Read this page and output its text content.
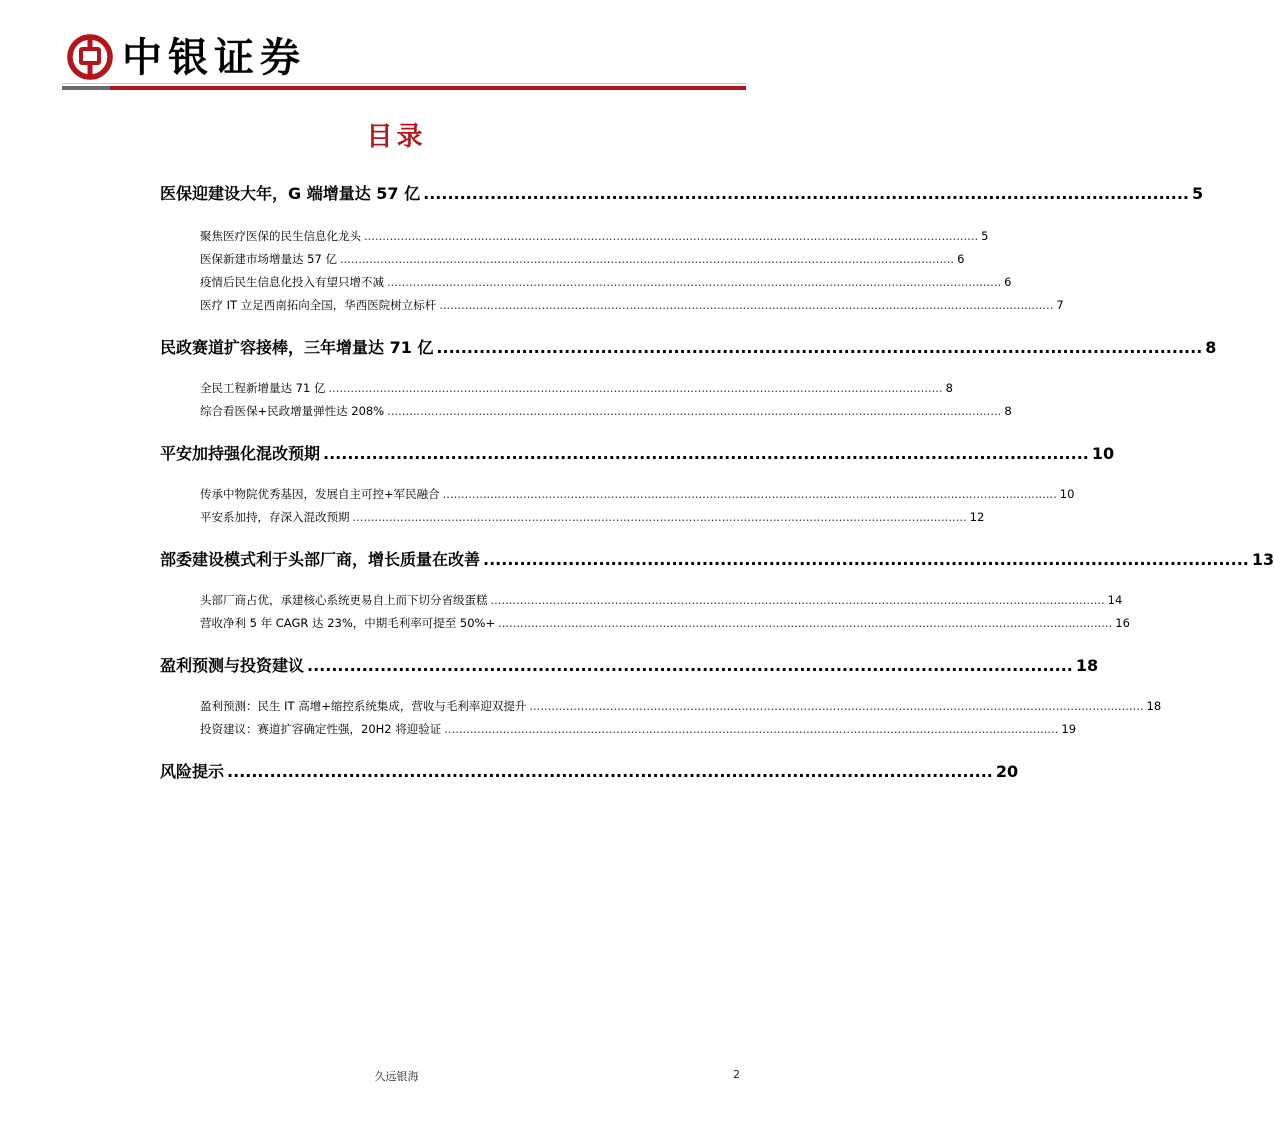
中银证券
目录
医保迎建设大年，G 端增量达 57 亿 .............................................................................................................................. 5
聚焦医疗医保的民生信息化龙头 ........................................................................................................................................................................ 5
医保新建市场增量达 57 亿 ........................................................................................................................................................................ 6
疫情后民生信息化投入有望只增不减 ........................................................................................................................................................................ 6
医疗 IT 立足西南拓向全国，华西医院树立标杆 ........................................................................................................................................................................ 7
民政赛道扩容接棒，三年增量达 71 亿 .............................................................................................................................. 8
全民工程新增量达 71 亿 ........................................................................................................................................................................ 8
综合看医保+民政增量弹性达 208% ........................................................................................................................................................................ 8
平安加持强化混改预期 .............................................................................................................................. 10
传承中物院优秀基因，发展自主可控+军民融合 ........................................................................................................................................................................ 10
平安系加持，存深入混改预期 ........................................................................................................................................................................ 12
部委建设模式利于头部厂商，增长质量在改善 .............................................................................................................................. 13
头部厂商占优，承建核心系统更易自上而下切分省级蛋糕 ........................................................................................................................................................................ 14
营收净利 5 年 CAGR 达 23%，中期毛利率可提至 50%+ ........................................................................................................................................................................ 16
盈利预测与投资建议 .............................................................................................................................. 18
盈利预测：民生 IT 高增+缩控系统集成，营收与毛利率迎双提升 ........................................................................................................................................................................ 18
投资建议：赛道扩容确定性强，20H2 将迎验证 ........................................................................................................................................................................ 19
风险提示 .............................................................................................................................. 20
久远银海	2
